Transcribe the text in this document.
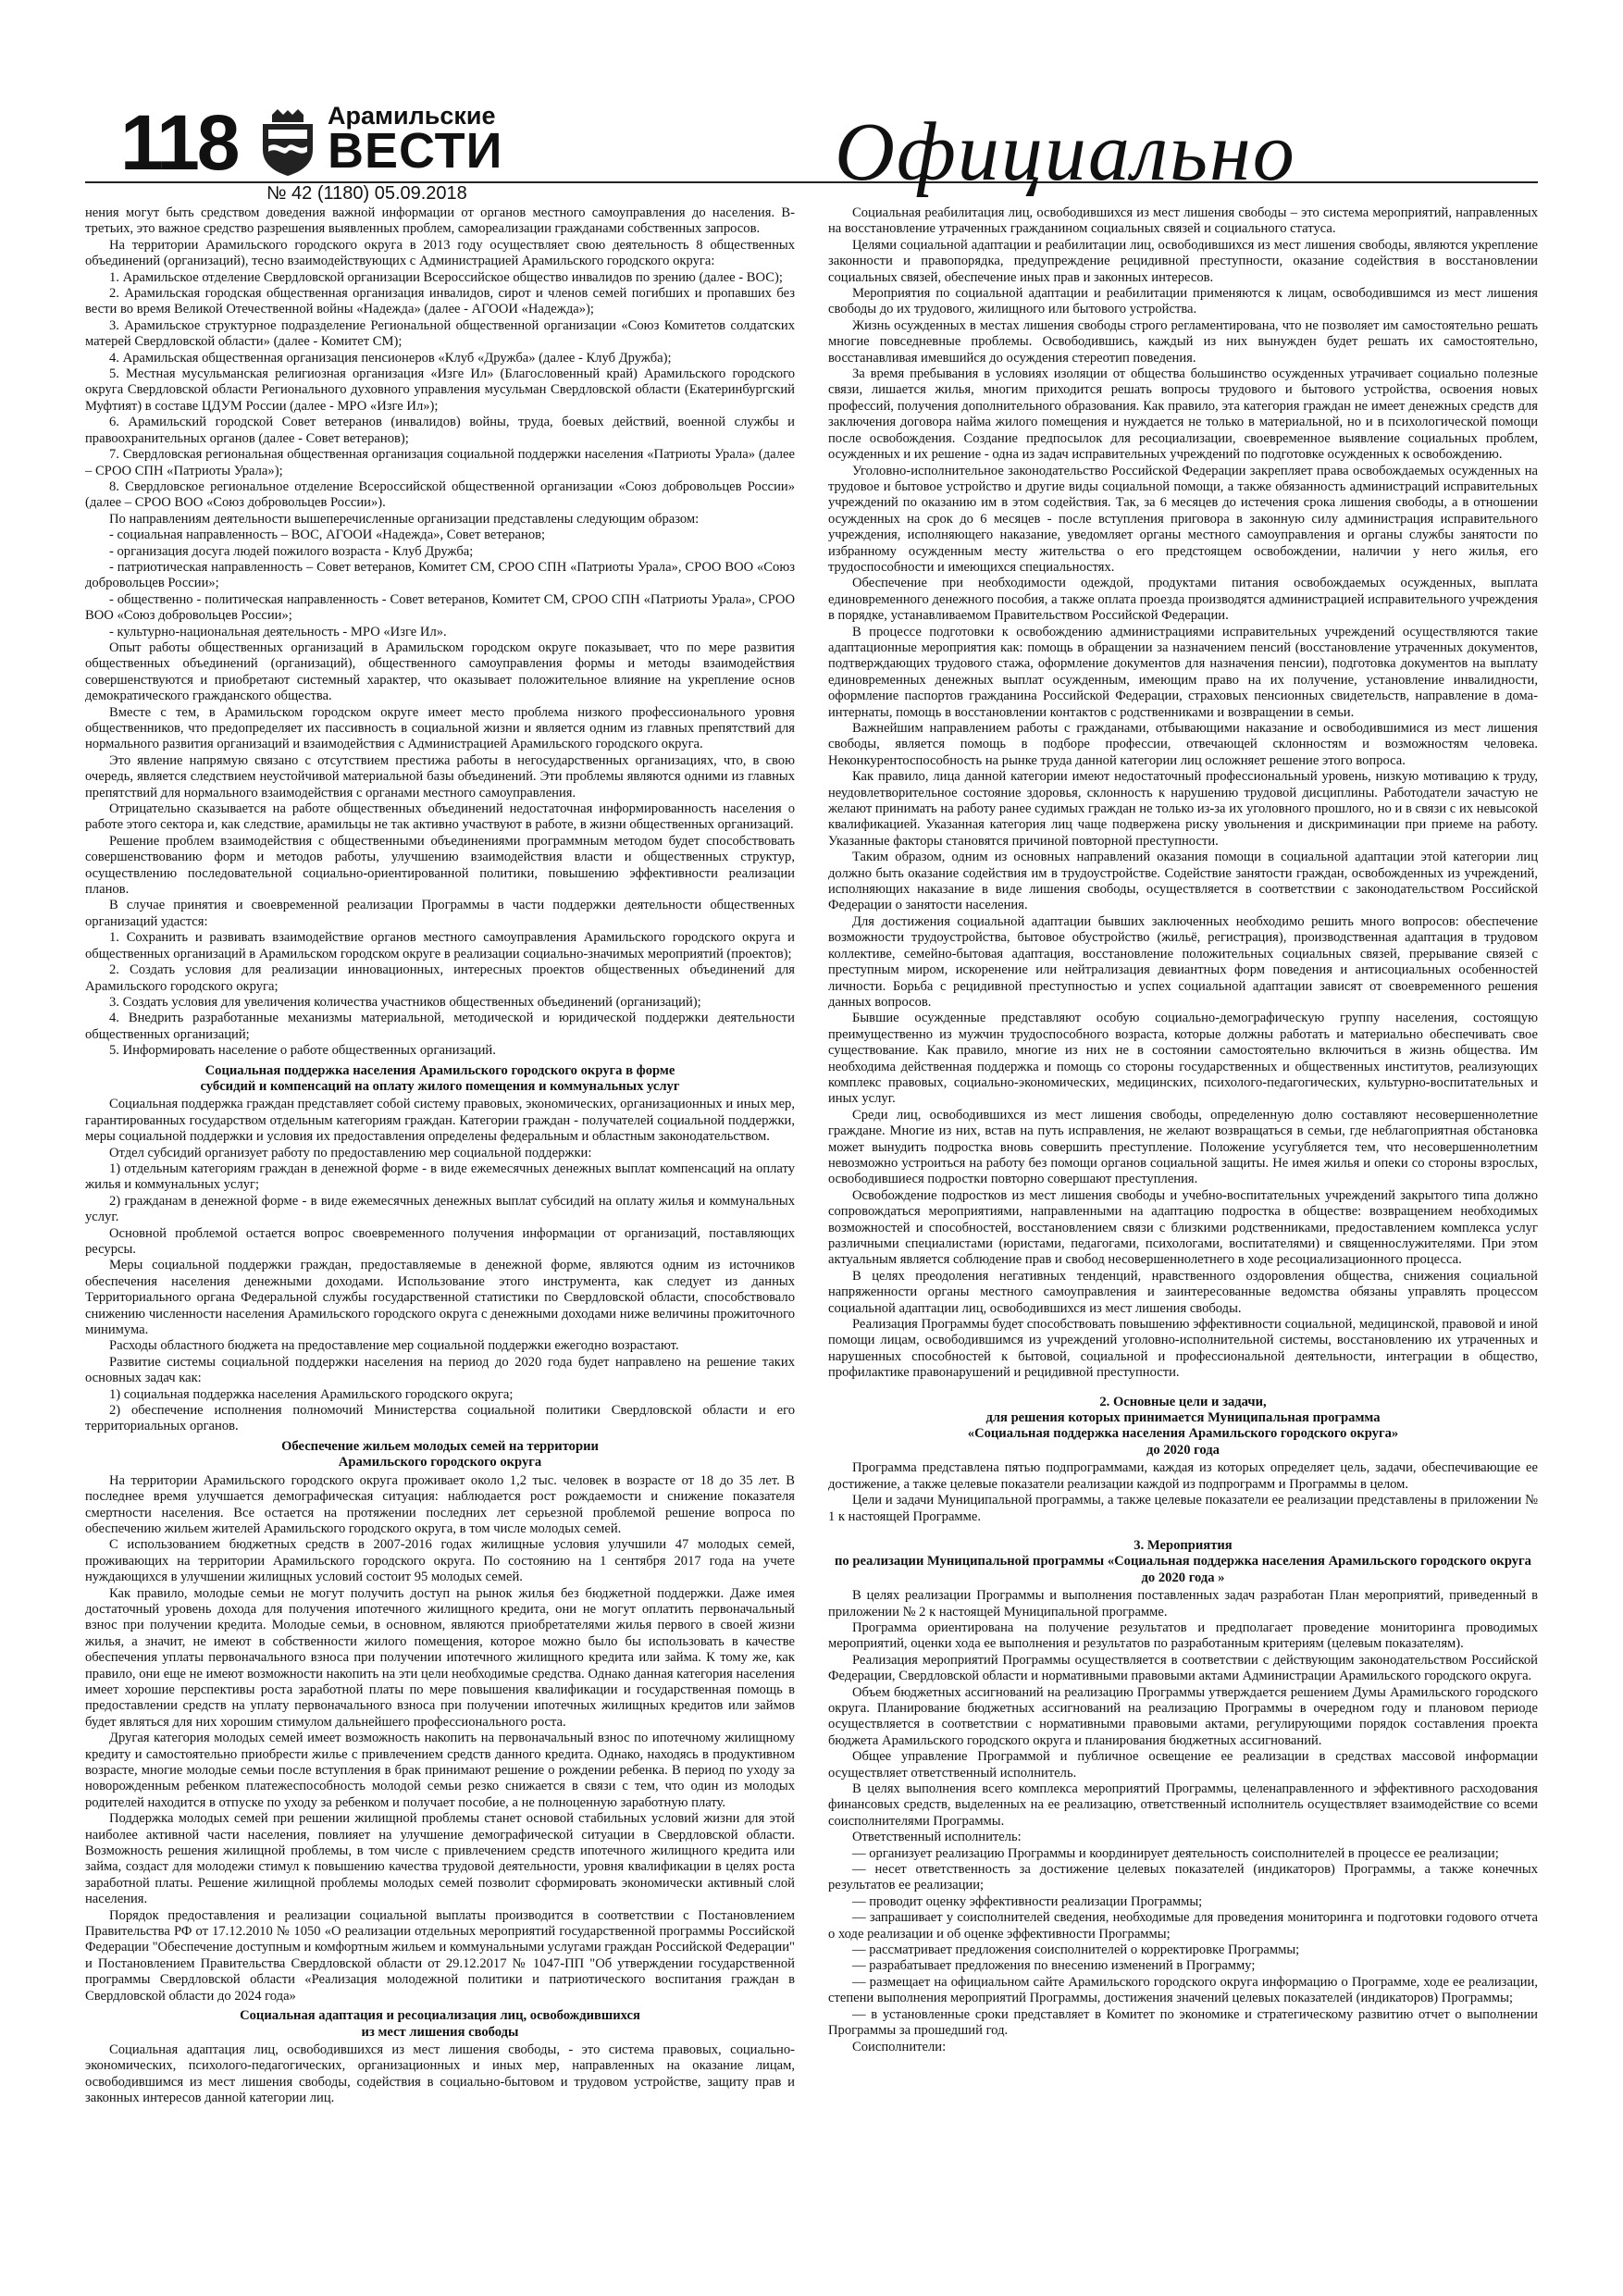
118	Арамильские
ВЕСТИ
№ 42 (1180) 05.09.2018	Официально

нения могут быть средством доведения важной информации от органов местного самоуправления до населения. В-третьих, это важное средство разрешения выявленных проблем, самореализации гражданами собственных запросов.

На территории Арамильского городского округа в 2013 году осуществляет свою деятельность 8 общественных объединений (организаций), тесно взаимодействующих с Администрацией Арамильского городского округа:

1. Арамильское отделение Свердловской организации Всероссийское общество инвалидов по зрению (далее - ВОС);

2. Арамильская городская общественная организация инвалидов, сирот и членов семей погибших и пропавших без вести во время Великой Отечественной войны «Надежда» (далее - АГООИ «Надежда»);

3. Арамильское структурное подразделение Региональной общественной организации «Союз Комитетов солдатских матерей Свердловской области» (далее - Комитет СМ);

4. Арамильская общественная организация пенсионеров «Клуб «Дружба» (далее - Клуб Дружба);

5. Местная мусульманская религиозная организация «Изге Ил» (Благословенный край) Арамильского городского округа Свердловской области Регионального духовного управления мусульман Свердловской области (Екатеринбургский Муфтият) в составе ЦДУМ России (далее - МРО «Изге Ил»);

6. Арамильский городской Совет ветеранов (инвалидов) войны, труда, боевых действий, военной службы и правоохранительных органов (далее - Совет ветеранов);

7. Свердловская региональная общественная организация социальной поддержки населения «Патриоты Урала» (далее – СРОО СПН «Патриоты Урала»);

8. Свердловское региональное отделение Всероссийской общественной организации «Союз добровольцев России» (далее – СРОО ВОО «Союз добровольцев России»).

По направлениям деятельности вышеперечисленные организации представлены следующим образом:

- социальная направленность – ВОС, АГООИ «Надежда», Совет ветеранов;

- организация досуга людей пожилого возраста - Клуб Дружба;

- патриотическая направленность – Совет ветеранов, Комитет СМ, СРОО СПН «Патриоты Урала», СРОО ВОО «Союз добровольцев России»;

- общественно - политическая направленность - Совет ветеранов, Комитет СМ, СРОО СПН «Патриоты Урала», СРОО ВОО «Союз добровольцев России»;

- культурно-национальная деятельность - МРО «Изге Ил».

Опыт работы общественных организаций в Арамильском городском округе показывает, что по мере развития общественных объединений (организаций), общественного самоуправления формы и методы взаимодействия совершенствуются и приобретают системный характер, что оказывает положительное влияние на укрепление основ демократического гражданского общества.

Вместе с тем, в Арамильском городском округе имеет место проблема низкого профессионального уровня общественников, что предопределяет их пассивность в социальной жизни и является одним из главных препятствий для нормального развития организаций и взаимодействия с Администрацией Арамильского городского округа.

Это явление напрямую связано с отсутствием престижа работы в негосударственных организациях, что, в свою очередь, является следствием неустойчивой материальной базы объединений. Эти проблемы являются одними из главных препятствий для нормального взаимодействия с органами местного самоуправления.

Отрицательно сказывается на работе общественных объединений недостаточная информированность населения о работе этого сектора и, как следствие, арамильцы не так активно участвуют в работе, в жизни общественных организаций.

Решение проблем взаимодействия с общественными объединениями программным методом будет способствовать совершенствованию форм и методов работы, улучшению взаимодействия власти и общественных структур, осуществлению последовательной социально-ориентированной политики, повышению эффективности реализации планов.

В случае принятия и своевременной реализации Программы в части поддержки деятельности общественных организаций удастся:

1. Сохранить и развивать взаимодействие органов местного самоуправления Арамильского городского округа и общественных организаций в Арамильском городском округе в реализации социально-значимых мероприятий (проектов);

2. Создать условия для реализации инновационных, интересных проектов общественных объединений для Арамильского городского округа;

3. Создать условия для увеличения количества участников общественных объединений (организаций);

4. Внедрить разработанные механизмы материальной, методической и юридической поддержки деятельности общественных организаций;

5. Информировать население о работе общественных организаций.

Социальная поддержка населения Арамильского городского округа в форме
субсидий и компенсаций на оплату жилого помещения и коммунальных услуг

Социальная поддержка граждан представляет собой систему правовых, экономических, организационных и иных мер, гарантированных государством отдельным категориям граждан. Категории граждан - получателей социальной поддержки, меры социальной поддержки и условия их предоставления определены федеральным и областным законодательством.

Отдел субсидий организует работу по предоставлению мер социальной поддержки:

1) отдельным категориям граждан в денежной форме - в виде ежемесячных денежных выплат компенсаций на оплату жилья и коммунальных услуг;

2) гражданам в денежной форме - в виде ежемесячных денежных выплат субсидий на оплату жилья и коммунальных услуг.

Основной проблемой остается вопрос своевременного получения информации от организаций, поставляющих ресурсы.

Меры социальной поддержки граждан, предоставляемые в денежной форме, являются одним из источников обеспечения населения денежными доходами. Использование этого инструмента, как следует из данных Территориального органа Федеральной службы государственной статистики по Свердловской области, способствовало снижению численности населения Арамильского городского округа с денежными доходами ниже величины прожиточного минимума.

Расходы областного бюджета на предоставление мер социальной поддержки ежегодно возрастают.

Развитие системы социальной поддержки населения на период до 2020 года будет направлено на решение таких основных задач как:

1) социальная поддержка населения Арамильского городского округа;

2) обеспечение исполнения полномочий Министерства социальной политики Свердловской области и его территориальных органов.

Обеспечение жильем молодых семей на территории
Арамильского городского округа

На территории Арамильского городского округа проживает около 1,2 тыс. человек в возрасте от 18 до 35 лет. В последнее время улучшается демографическая ситуация: наблюдается рост рождаемости и снижение показателя смертности населения. Все остается на протяжении последних лет серьезной проблемой решение вопроса по обеспечению жильем жителей Арамильского городского округа, в том числе молодых семей.

С использованием бюджетных средств в 2007-2016 годах жилищные условия улучшили 47 молодых семей, проживающих на территории Арамильского городского округа. По состоянию на 1 сентября 2017 года на учете нуждающихся в улучшении жилищных условий состоит 95 молодых семей.

Как правило, молодые семьи не могут получить доступ на рынок жилья без бюджетной поддержки. Даже имея достаточный уровень дохода для получения ипотечного жилищного кредита, они не могут оплатить первоначальный взнос при получении кредита. Молодые семьи, в основном, являются приобретателями жилья первого в своей жизни жилья, а значит, не имеют в собственности жилого помещения, которое можно было бы использовать в качестве обеспечения уплаты первоначального взноса при получении ипотечного жилищного кредита или займа. К тому же, как правило, они еще не имеют возможности накопить на эти цели необходимые средства. Однако данная категория населения имеет хорошие перспективы роста заработной платы по мере повышения квалификации и государственная помощь в предоставлении средств на уплату первоначального взноса при получении ипотечных жилищных кредитов или займов будет являться для них хорошим стимулом дальнейшего профессионального роста.

Другая категория молодых семей имеет возможность накопить на первоначальный взнос по ипотечному жилищному кредиту и самостоятельно приобрести жилье с привлечением средств данного кредита. Однако, находясь в продуктивном возрасте, многие молодые семьи после вступления в брак принимают решение о рождении ребенка. В период по уходу за новорожденным ребенком платежеспособность молодой семьи резко снижается в связи с тем, что один из молодых родителей находится в отпуске по уходу за ребенком и получает пособие, а не полноценную заработную плату.

Поддержка молодых семей при решении жилищной проблемы станет основой стабильных условий жизни для этой наиболее активной части населения, повлияет на улучшение демографической ситуации в Свердловской области. Возможность решения жилищной проблемы, в том числе с привлечением средств ипотечного жилищного кредита или займа, создаст для молодежи стимул к повышению качества трудовой деятельности, уровня квалификации в целях роста заработной платы. Решение жилищной проблемы молодых семей позволит сформировать экономически активный слой населения.

Порядок предоставления и реализации социальной выплаты производится в соответствии с Постановлением Правительства РФ от 17.12.2010 № 1050 «О реализации отдельных мероприятий государственной программы Российской Федерации "Обеспечение доступным и комфортным жильем и коммунальными услугами граждан Российской Федерации" и Постановлением Правительства Свердловской области от 29.12.2017 № 1047-ПП "Об утверждении государственной программы Свердловской области «Реализация молодежной политики и патриотического воспитания граждан в Свердловской области до 2024 года»

Социальная адаптация и ресоциализация лиц, освобождившихся
из мест лишения свободы

Социальная адаптация лиц, освободившихся из мест лишения свободы, - это система правовых, социально-экономических, психолого-педагогических, организационных и иных мер, направленных на оказание лицам, освободившимся из мест лишения свободы, содействия в социально-бытовом и трудовом устройстве, защиту прав и законных интересов данной категории лиц.

Социальная реабилитация лиц, освободившихся из мест лишения свободы – это система мероприятий, направленных на восстановление утраченных гражданином социальных связей и социального статуса.

Целями социальной адаптации и реабилитации лиц, освободившихся из мест лишения свободы, являются укрепление законности и правопорядка, предупреждение рецидивной преступности, оказание содействия в восстановлении социальных связей, обеспечение иных прав и законных интересов.

Мероприятия по социальной адаптации и реабилитации применяются к лицам, освободившимся из мест лишения свободы до их трудового, жилищного или бытового устройства.

Жизнь осужденных в местах лишения свободы строго регламентирована, что не позволяет им самостоятельно решать многие повседневные проблемы. Освободившись, каждый из них вынужден будет решать их самостоятельно, восстанавливая имевшийся до осуждения стереотип поведения.

За время пребывания в условиях изоляции от общества большинство осужденных утрачивает социально полезные связи, лишается жилья, многим приходится решать вопросы трудового и бытового устройства, освоения новых профессий, получения дополнительного образования. Как правило, эта категория граждан не имеет денежных средств для заключения договора найма жилого помещения и нуждается не только в материальной, но и в психологической помощи после освобождения. Создание предпосылок для ресоциализации, своевременное выявление социальных проблем, осужденных и их решение - одна из задач исправительных учреждений по подготовке осужденных к освобождению.

Уголовно-исполнительное законодательство Российской Федерации закрепляет права освобождаемых осужденных на трудовое и бытовое устройство и другие виды социальной помощи, а также обязанность администраций исправительных учреждений по оказанию им в этом содействия. Так, за 6 месяцев до истечения срока лишения свободы, а в отношении осужденных на срок до 6 месяцев - после вступления приговора в законную силу администрация исправительного учреждения, исполняющего наказание, уведомляет органы местного самоуправления и органы службы занятости по избранному осужденным месту жительства о его предстоящем освобождении, наличии у него жилья, его трудоспособности и имеющихся специальностях.

Обеспечение при необходимости одеждой, продуктами питания освобождаемых осужденных, выплата единовременного денежного пособия, а также оплата проезда производятся администрацией исправительного учреждения в порядке, устанавливаемом Правительством Российской Федерации.

В процессе подготовки к освобождению администрациями исправительных учреждений осуществляются такие адаптационные мероприятия как: помощь в обращении за назначением пенсий (восстановление утраченных документов, подтверждающих трудового стажа, оформление документов для назначения пенсии), подготовка документов на выплату единовременных денежных выплат осужденным, имеющим право на их получение, установление инвалидности, оформление паспортов гражданина Российской Федерации, страховых пенсионных свидетельств, направление в дома-интернаты, помощь в восстановлении контактов с родственниками и возвращении в семьи.

Важнейшим направлением работы с гражданами, отбывающими наказание и освободившимися из мест лишения свободы, является помощь в подборе профессии, отвечающей склонностям и возможностям человека. Неконкурентоспособность на рынке труда данной категории лиц осложняет решение этого вопроса.

Как правило, лица данной категории имеют недостаточный профессиональный уровень, низкую мотивацию к труду, неудовлетворительное состояние здоровья, склонность к нарушению трудовой дисциплины. Работодатели зачастую не желают принимать на работу ранее судимых граждан не только из-за их уголовного прошлого, но и в связи с их невысокой квалификацией. Указанная категория лиц чаще подвержена риску увольнения и дискриминации при приеме на работу. Указанные факторы становятся причиной повторной преступности.

Таким образом, одним из основных направлений оказания помощи в социальной адаптации этой категории лиц должно быть оказание содействия им в трудоустройстве. Содействие занятости граждан, освобожденных из учреждений, исполняющих наказание в виде лишения свободы, осуществляется в соответствии с законодательством Российской Федерации о занятости населения.

Для достижения социальной адаптации бывших заключенных необходимо решить много вопросов: обеспечение возможности трудоустройства, бытовое обустройство (жильё, регистрация), производственная адаптация в трудовом коллективе, семейно-бытовая адаптация, восстановление положительных социальных связей, прерывание связей с преступным миром, искоренение или нейтрализация девиантных форм поведения и антисоциальных особенностей личности. Борьба с рецидивной преступностью и успех социальной адаптации зависят от своевременного решения данных вопросов.

Бывшие осужденные представляют особую социально-демографическую группу населения, состоящую преимущественно из мужчин трудоспособного возраста, которые должны работать и материально обеспечивать свое существование. Как правило, многие из них не в состоянии самостоятельно включиться в жизнь общества. Им необходима действенная поддержка и помощь со стороны государственных и общественных институтов, реализующих комплекс правовых, социально-экономических, медицинских, психолого-педагогических, культурно-воспитательных и иных услуг.

Среди лиц, освободившихся из мест лишения свободы, определенную долю составляют несовершеннолетние граждане. Многие из них, встав на путь исправления, не желают возвращаться в семьи, где неблагоприятная обстановка может вынудить подростка вновь совершить преступление. Положение усугубляется тем, что несовершеннолетним невозможно устроиться на работу без помощи органов социальной защиты. Не имея жилья и опеки со стороны взрослых, освободившиеся подростки повторно совершают преступления.

Освобождение подростков из мест лишения свободы и учебно-воспитательных учреждений закрытого типа должно сопровождаться мероприятиями, направленными на адаптацию подростка в обществе: возвращением необходимых возможностей и способностей, восстановлением связи с близкими родственниками, предоставлением комплекса услуг различными специалистами (юристами, педагогами, психологами, воспитателями) и священнослужителями. При этом актуальным является соблюдение прав и свобод несовершеннолетнего в ходе ресоциализационного процесса.

В целях преодоления негативных тенденций, нравственного оздоровления общества, снижения социальной напряженности органы местного самоуправления и заинтересованные ведомства обязаны управлять процессом социальной адаптации лиц, освободившихся из мест лишения свободы.

Реализация Программы будет способствовать повышению эффективности социальной, медицинской, правовой и иной помощи лицам, освободившимся из учреждений уголовно-исполнительной системы, восстановлению их утраченных и нарушенных способностей к бытовой, социальной и профессиональной деятельности, интеграции в общество, профилактике правонарушений и рецидивной преступности.

2. Основные цели и задачи,
для решения которых принимается Муниципальная программа
«Социальная поддержка населения Арамильского городского округа»
до 2020 года

Программа представлена пятью подпрограммами, каждая из которых определяет цель, задачи, обеспечивающие ее достижение, а также целевые показатели реализации каждой из подпрограмм и Программы в целом.

Цели и задачи Муниципальной программы, а также целевые показатели ее реализации представлены в приложении № 1 к настоящей Программе.

3. Мероприятия
по реализации Муниципальной программы «Социальная поддержка населения Арамильского городского округа до 2020 года »

В целях реализации Программы и выполнения поставленных задач разработан План мероприятий, приведенный в приложении № 2 к настоящей Муниципальной программе.

Программа ориентирована на получение результатов и предполагает проведение мониторинга проводимых мероприятий, оценки хода ее выполнения и результатов по разработанным критериям (целевым показателям).

Реализация мероприятий Программы осуществляется в соответствии с действующим законодательством Российской Федерации, Свердловской области и нормативными правовыми актами Администрации Арамильского городского округа.

Объем бюджетных ассигнований на реализацию Программы утверждается решением Думы Арамильского городского округа. Планирование бюджетных ассигнований на реализацию Программы в очередном году и плановом периоде осуществляется в соответствии с нормативными правовыми актами, регулирующими порядок составления проекта бюджета Арамильского городского округа и планирования бюджетных ассигнований.

Общее управление Программой и публичное освещение ее реализации в средствах массовой информации осуществляет ответственный исполнитель.

В целях выполнения всего комплекса мероприятий Программы, целенаправленного и эффективного расходования финансовых средств, выделенных на ее реализацию, ответственный исполнитель осуществляет взаимодействие со всеми соисполнителями Программы.

Ответственный исполнитель:

— организует реализацию Программы и координирует деятельность соисполнителей в процессе ее реализации;

— несет ответственность за достижение целевых показателей (индикаторов) Программы, а также конечных результатов ее реализации;

— проводит оценку эффективности реализации Программы;

— запрашивает у соисполнителей сведения, необходимые для проведения мониторинга и подготовки годового отчета о ходе реализации и об оценке эффективности Программы;

— рассматривает предложения соисполнителей о корректировке Программы;

— разрабатывает предложения по внесению изменений в Программу;

— размещает на официальном сайте Арамильского городского округа информацию о Программе, ходе ее реализации, степени выполнения мероприятий Программы, достижения значений целевых показателей (индикаторов) Программы;

— в установленные сроки представляет в Комитет по экономике и стратегическому развитию отчет о выполнении Программы за прошедший год.

Соисполнители:
